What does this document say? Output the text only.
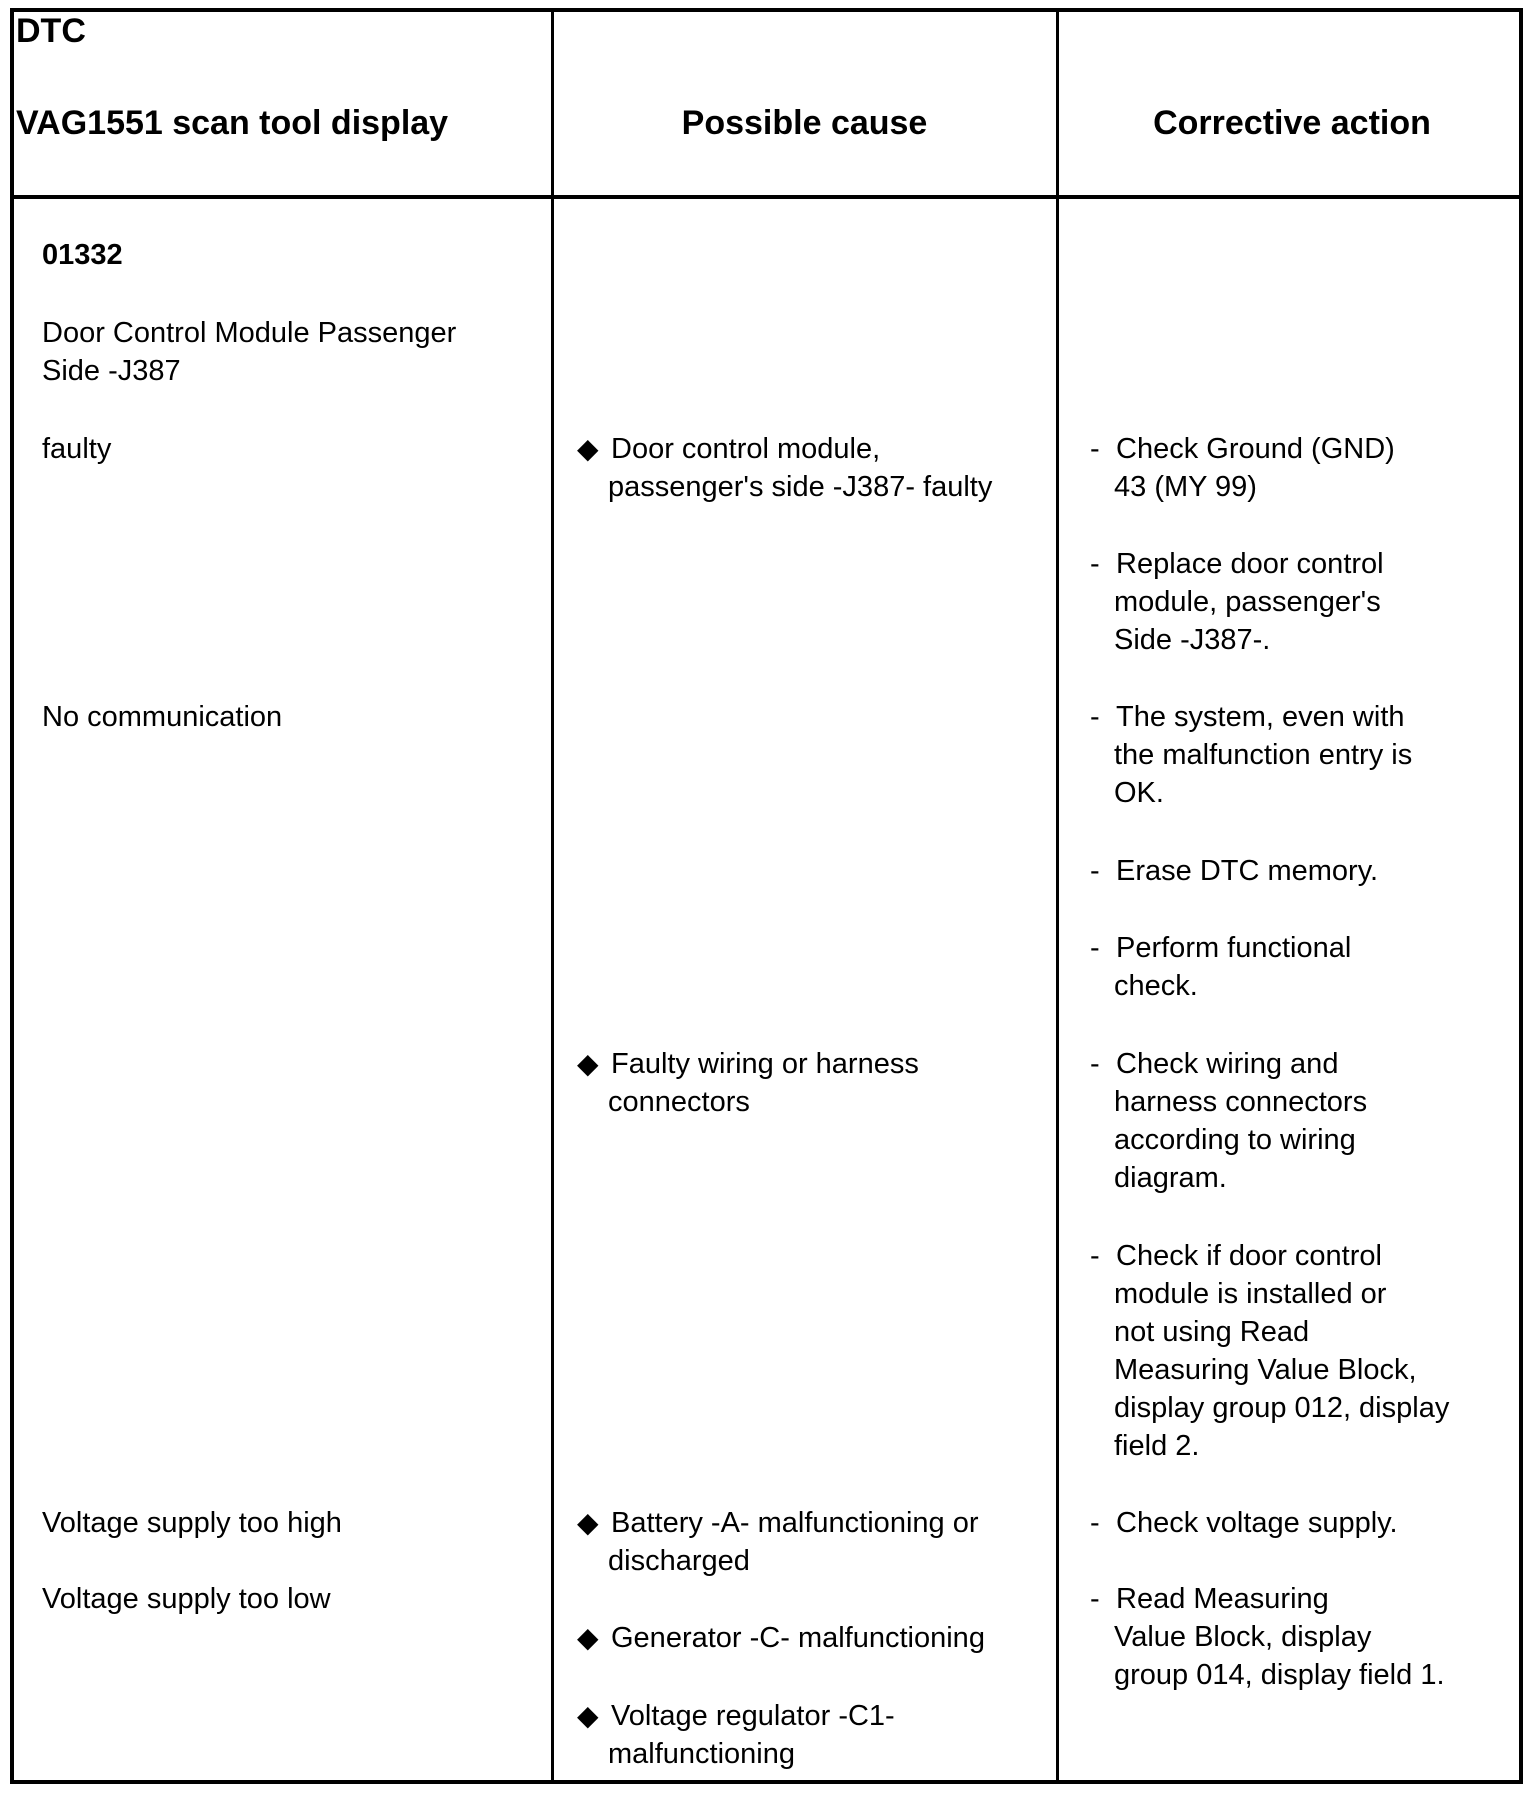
DTC
VAG1551 scan tool display	Possible cause	Corrective action
01332
Door Control Module Passenger
Side -J387
faulty
No communication
Voltage supply too high
Voltage supply too low
◆ Door control module,
passenger's side -J387- faulty
◆ Faulty wiring or harness
connectors
◆ Battery -A- malfunctioning or
discharged
◆ Generator -C- malfunctioning
◆ Voltage regulator -C1-
malfunctioning
- Check Ground (GND)
43 (MY 99)
- Replace door control
module, passenger's
Side -J387-.
- The system, even with
the malfunction entry is
OK.
- Erase DTC memory.
- Perform functional
check.
- Check wiring and
harness connectors
according to wiring
diagram.
- Check if door control
module is installed or
not using Read
Measuring Value Block,
display group 012, display
field 2.
- Check voltage supply.
- Read Measuring
Value Block, display
group 014, display field 1.
